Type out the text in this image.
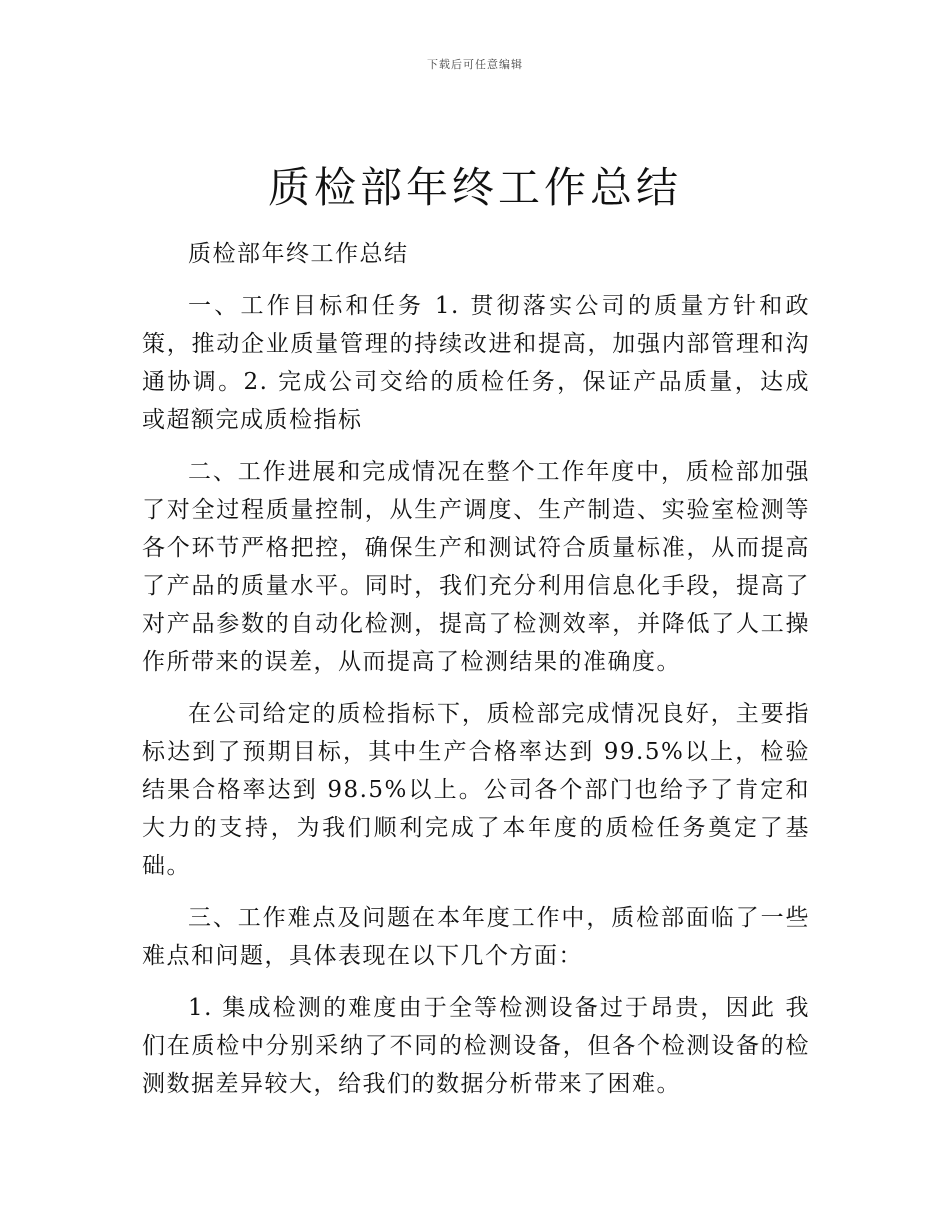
下载后可任意编辑
质检部年终工作总结

质检部年终工作总结

一、工作目标和任务 1. 贯彻落实公司的质量方针和政策，推动企业质量管理的持续改进和提高，加强内部管理和沟通协调。2. 完成公司交给的质检任务，保证产品质量，达成或超额完成质检指标

二、工作进展和完成情况在整个工作年度中，质检部加强了对全过程质量控制，从生产调度、生产制造、实验室检测等各个环节严格把控，确保生产和测试符合质量标准，从而提高了产品的质量水平。同时，我们充分利用信息化手段，提高了对产品参数的自动化检测，提高了检测效率，并降低了人工操作所带来的误差，从而提高了检测结果的准确度。

在公司给定的质检指标下，质检部完成情况良好，主要指标达到了预期目标，其中生产合格率达到 99.5%以上，检验结果合格率达到 98.5%以上。公司各个部门也给予了肯定和大力的支持，为我们顺利完成了本年度的质检任务奠定了基础。

三、工作难点及问题在本年度工作中，质检部面临了一些难点和问题，具体表现在以下几个方面：

1. 集成检测的难度由于全等检测设备过于昂贵，因此 我们在质检中分别采纳了不同的检测设备，但各个检测设备的检测数据差异较大，给我们的数据分析带来了困难。
